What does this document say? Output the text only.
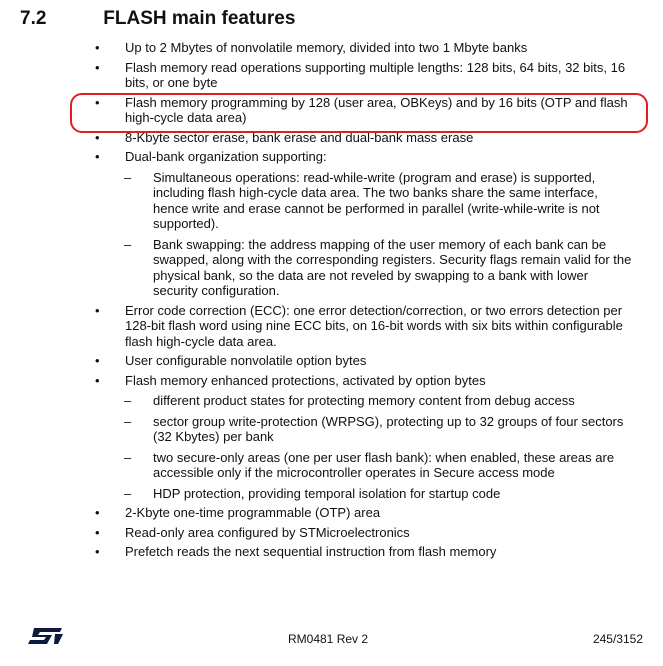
7.2	FLASH main features
• Up to 2 Mbytes of nonvolatile memory, divided into two 1 Mbyte banks
• Flash memory read operations supporting multiple lengths: 128 bits, 64 bits, 32 bits, 16 bits, or one byte
• Flash memory programming by 128 (user area, OBKeys) and by 16 bits (OTP and flash high-cycle data area)
• 8-Kbyte sector erase, bank erase and dual-bank mass erase
• Dual-bank organization supporting:
– Simultaneous operations: read-while-write (program and erase) is supported, including flash high-cycle data area. The two banks share the same interface, hence write and erase cannot be performed in parallel (write-while-write is not supported).
– Bank swapping: the address mapping of the user memory of each bank can be swapped, along with the corresponding registers. Security flags remain valid for the physical bank, so the data are not reveled by swapping to a bank with lower security configuration.
• Error code correction (ECC): one error detection/correction, or two errors detection per 128-bit flash word using nine ECC bits, on 16-bit words with six bits within configurable flash high-cycle data area.
• User configurable nonvolatile option bytes
• Flash memory enhanced protections, activated by option bytes
– different product states for protecting memory content from debug access
– sector group write-protection (WRPSG), protecting up to 32 groups of four sectors (32 Kbytes) per bank
– two secure-only areas (one per user flash bank): when enabled, these areas are accessible only if the microcontroller operates in Secure access mode
– HDP protection, providing temporal isolation for startup code
• 2-Kbyte one-time programmable (OTP) area
• Read-only area configured by STMicroelectronics
• Prefetch reads the next sequential instruction from flash memory
RM0481 Rev 2	245/3152
